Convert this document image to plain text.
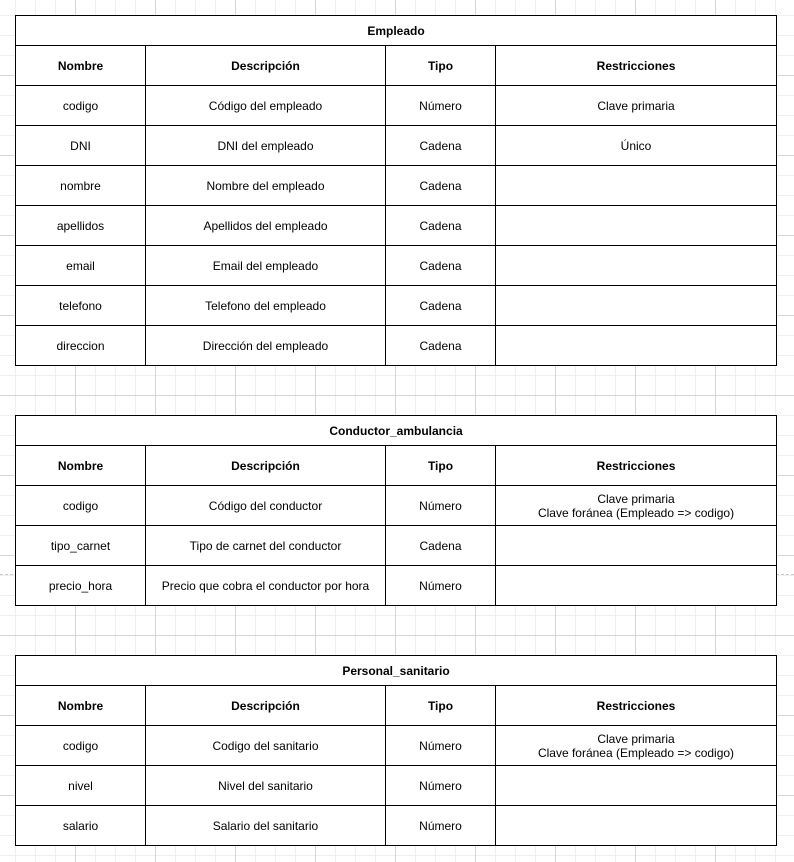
Empleado			
Nombre	Descripción	Tipo	Restricciones
codigo	Código del empleado	Número	Clave primaria
DNI	DNI del empleado	Cadena	Único
nombre	Nombre del empleado	Cadena	
apellidos	Apellidos del empleado	Cadena	
email	Email del empleado	Cadena	
telefono	Telefono del empleado	Cadena	
direccion	Dirección del empleado	Cadena	
Conductor_ambulancia			
Nombre	Descripción	Tipo	Restricciones
codigo	Código del conductor	Número	Clave primaria
Clave foránea (Empleado => codigo)
tipo_carnet	Tipo de carnet del conductor	Cadena	
precio_hora	Precio que cobra el conductor por hora	Número	
Personal_sanitario			
Nombre	Descripción	Tipo	Restricciones
codigo	Codigo del sanitario	Número	Clave primaria
Clave foránea (Empleado => codigo)
nivel	Nivel del sanitario	Número	
salario	Salario del sanitario	Número	
